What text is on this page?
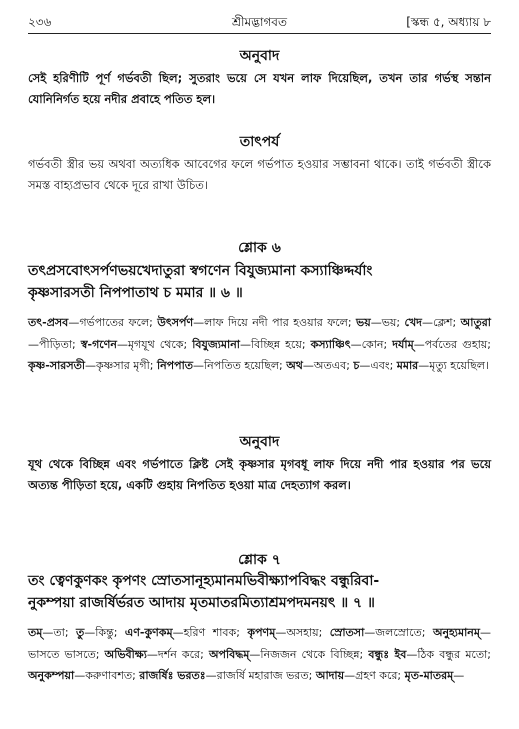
২৩৬	শ্রীমদ্ভাগবত	[স্কন্ধ ৫, অধ্যায় ৮
অনুবাদ
সেই হরিণীটি পূর্ণ গর্ভবতী ছিল; সুতরাং ভয়ে সে যখন লাফ দিয়েছিল, তখন তার গর্ভস্থ সন্তান যোনিনির্গত হয়ে নদীর প্রবাহে পতিত হল।
তাৎপর্য
গর্ভবতী স্ত্রীর ভয় অথবা অত্যধিক আবেগের ফলে গর্ভপাত হওয়ার সম্ভাবনা থাকে। তাই গর্ভবতী স্ত্রীকে সমস্ত বাহ্যপ্রভাব থেকে দূরে রাখা উচিত।
শ্লোক ৬
তৎপ্রসবোৎসর্পণভয়খেদাতুরা স্বগণেন বিযুজ্যমানা কস্যাঞ্চিদ্দর্যাং
কৃষ্ণসারসতী নিপপাতাথ চ মমার ॥ ৬ ॥
তৎ-প্রসব—গর্ভপাতের ফলে; উৎসর্পণ—লাফ দিয়ে নদী পার হওয়ার ফলে; ভয়—ভয়; খেদ—ক্লেশ; আতুরা—পীড়িতা; স্ব-গণেন—মৃগযূথ থেকে; বিযুজ্যমানা—বিচ্ছিন্ন হয়ে; কস্যাঞ্চিৎ—কোন; দর্যাম্—পর্বতের গুহায়; কৃষ্ণ-সারসতী—কৃষ্ণসার মৃগী; নিপপাত—নিপতিত হয়েছিল; অথ—অতএব; চ—এবং; মমার—মৃত্যু হয়েছিল।
অনুবাদ
যূথ থেকে বিচ্ছিন্ন এবং গর্ভপাতে ক্লিষ্ট সেই কৃষ্ণসার মৃগবধূ লাফ দিয়ে নদী পার হওয়ার পর ভয়ে অত্যন্ত পীড়িতা হয়ে, একটি গুহায় নিপতিত হওয়া মাত্র দেহত্যাগ করল।
শ্লোক ৭
তং ত্বেণকুণকং কৃপণং স্রোতসানূহ্যমানমভিবীক্ষ্যাপবিদ্ধং বন্ধুরিবা-
নুকম্পয়া রাজর্ষির্ভরত আদায় মৃতমাতরমিত্যাশ্রমপদমনয়ৎ ॥ ৭ ॥
তম্—তা; তু—কিন্তু; এণ-কুণকম্—হরিণ শাবক; কৃপণম্—অসহায়; স্রোতসা—জলস্রোতে; অনুহ্যমানম্—ভাসতে ভাসতে; অভিবীক্ষ্য—দর্শন করে; অপবিদ্ধম্—নিজজন থেকে বিচ্ছিন্ন; বন্ধুঃ ইব—ঠিক বন্ধুর মতো; অনুকম্পয়া—করুণাবশত; রাজর্ষিঃ ভরতঃ—রাজর্ষি মহারাজ ভরত; আদায়—গ্রহণ করে; মৃত-মাতরম্—
